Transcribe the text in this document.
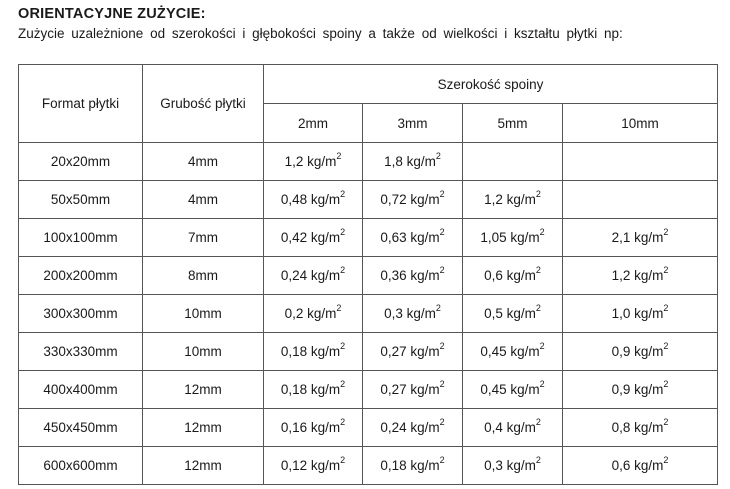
ORIENTACYJNE ZUŻYCIE:
Zużycie uzależnione od szerokości i głębokości spoiny a także od wielkości i kształtu płytki np:
Format płytki	Grubość płytki	Szerokość spoiny			
		2mm	3mm	5mm	10mm
20x20mm	4mm	1,2 $kg/m^2$	1,8 $kg/m^2$		
50x50mm	4mm	0,48 $kg/m^2$	0,72 $kg/m^2$	1,2 $kg/m^2$	
100x100mm	7mm	0,42 $kg/m^2$	0,63 $kg/m^2$	1,05 $kg/m^2$	2,1 $kg/m^2$
200x200mm	8mm	0,24 $kg/m^2$	0,36 $kg/m^2$	0,6 $kg/m^2$	1,2 $kg/m^2$
300x300mm	10mm	0,2 $kg/m^2$	0,3 $kg/m^2$	0,5 $kg/m^2$	1,0 $kg/m^2$
330x330mm	10mm	0,18 $kg/m^2$	0,27 $kg/m^2$	0,45 $kg/m^2$	0,9 $kg/m^2$
400x400mm	12mm	0,18 $kg/m^2$	0,27 $kg/m^2$	0,45 $kg/m^2$	0,9 $kg/m^2$
450x450mm	12mm	0,16 $kg/m^2$	0,24 $kg/m^2$	0,4 $kg/m^2$	0,8 $kg/m^2$
600x600mm	12mm	0,12 $kg/m^2$	0,18 $kg/m^2$	0,3 $kg/m^2$	0,6 $kg/m^2$
